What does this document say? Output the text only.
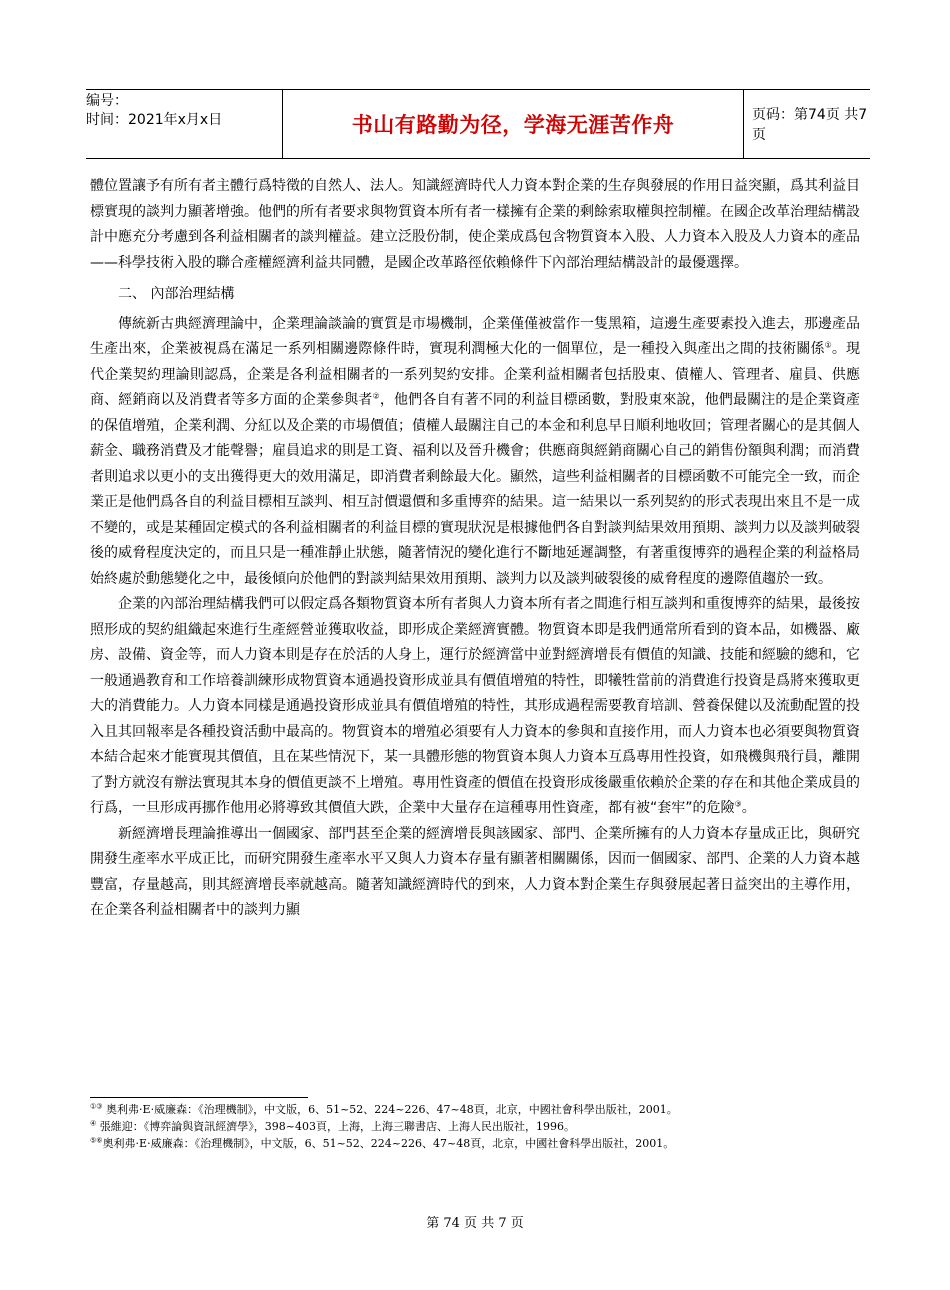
编号：
时间：2021年x月x日	书山有路勤为径，学海无涯苦作舟	页码：第74页 共7页

體位置讓予有所有者主體行爲特徵的自然人、法人。知識經濟時代人力資本對企業的生存與發展的作用日益突顯，爲其利益目標實現的談判力顯著增強。他們的所有者要求與物質資本所有者一樣擁有企業的剩餘索取權與控制權。在國企改革治理結構設計中應充分考慮到各利益相關者的談判權益。建立泛股份制，使企業成爲包含物質資本入股、人力資本入股及人力資本的產品——科學技術入股的聯合產權經濟利益共同體，是國企改革路徑依賴條件下內部治理結構設計的最優選擇。

二、 內部治理結構

傳統新古典經濟理論中，企業理論談論的實質是市場機制，企業僅僅被當作一隻黑箱，這邊生產要素投入進去，那邊產品生產出來，企業被視爲在滿足一系列相關邊際條件時，實現利潤極大化的一個單位，是一種投入與產出之間的技術關係①。現代企業契約理論則認爲，企業是各利益相關者的一系列契約安排。企業利益相關者包括股東、債權人、管理者、雇員、供應商、經銷商以及消費者等多方面的企業參與者②，他們各自有著不同的利益目標函數，對股東來說，他們最關注的是企業資產的保值增殖，企業利潤、分紅以及企業的市場價值；債權人最關注自己的本金和利息早日順利地收回；管理者關心的是其個人薪金、職務消費及才能聲譽；雇員追求的則是工資、福利以及晉升機會；供應商與經銷商關心自己的銷售份額與利潤；而消費者則追求以更小的支出獲得更大的效用滿足，即消費者剩餘最大化。顯然，這些利益相關者的目標函數不可能完全一致，而企業正是他們爲各自的利益目標相互談判、相互討價還價和多重博弈的結果。這一結果以一系列契約的形式表現出來且不是一成不變的，或是某種固定模式的各利益相關者的利益目標的實現狀況是根據他們各自對談判結果效用預期、談判力以及談判破裂後的威脅程度決定的，而且只是一種准靜止狀態，隨著情況的變化進行不斷地延遲調整，有著重復博弈的過程企業的利益格局始終處於動態變化之中，最後傾向於他們的對談判結果效用預期、談判力以及談判破裂後的威脅程度的邊際值趨於一致。

企業的內部治理結構我們可以假定爲各類物質資本所有者與人力資本所有者之間進行相互談判和重復博弈的結果，最後按照形成的契約組織起來進行生產經營並獲取收益，即形成企業經濟實體。物質資本即是我們通常所看到的資本品，如機器、廠房、設備、資金等，而人力資本則是存在於活的人身上，運行於經濟當中並對經濟增長有價值的知識、技能和經驗的總和，它一般通過教育和工作培養訓練形成物質資本通過投資形成並具有價值增殖的特性，即犧牲當前的消費進行投資是爲將來獲取更大的消費能力。人力資本同樣是通過投資形成並具有價值增殖的特性，其形成過程需要教育培訓、營養保健以及流動配置的投入且其回報率是各種投資活動中最高的。物質資本的增殖必須要有人力資本的參與和直接作用，而人力資本也必須要與物質資本結合起來才能實現其價值，且在某些情況下，某一具體形態的物質資本與人力資本互爲專用性投資，如飛機與飛行員，離開了對方就沒有辦法實現其本身的價值更談不上增殖。專用性資產的價值在投資形成後嚴重依賴於企業的存在和其他企業成員的行爲，一旦形成再挪作他用必將導致其價值大跌，企業中大量存在這種專用性資產，都有被“套牢”的危險③。

新經濟增長理論推導出一個國家、部門甚至企業的經濟增長與該國家、部門、企業所擁有的人力資本存量成正比，與研究開發生產率水平成正比，而研究開發生產率水平又與人力資本存量有顯著相關關係，因而一個國家、部門、企業的人力資本越豐富，存量越高，則其經濟增長率就越高。隨著知識經濟時代的到來，人力資本對企業生存與發展起著日益突出的主導作用，在企業各利益相關者中的談判力顯

①③ 奧利弗·E·威廉森：《治理機制》，中文版，6、51~52、224~226、47~48頁，北京，中國社會科學出版社，2001。
④ 張維迎：《博弈論與資訊經濟學》，398~403頁，上海，上海三聯書店、上海人民出版社，1996。
⑤⑥奧利弗·E·威廉森：《治理機制》，中文版，6、51~52、224~226、47~48頁，北京，中國社會科學出版社，2001。
第 74 页 共 7 页
